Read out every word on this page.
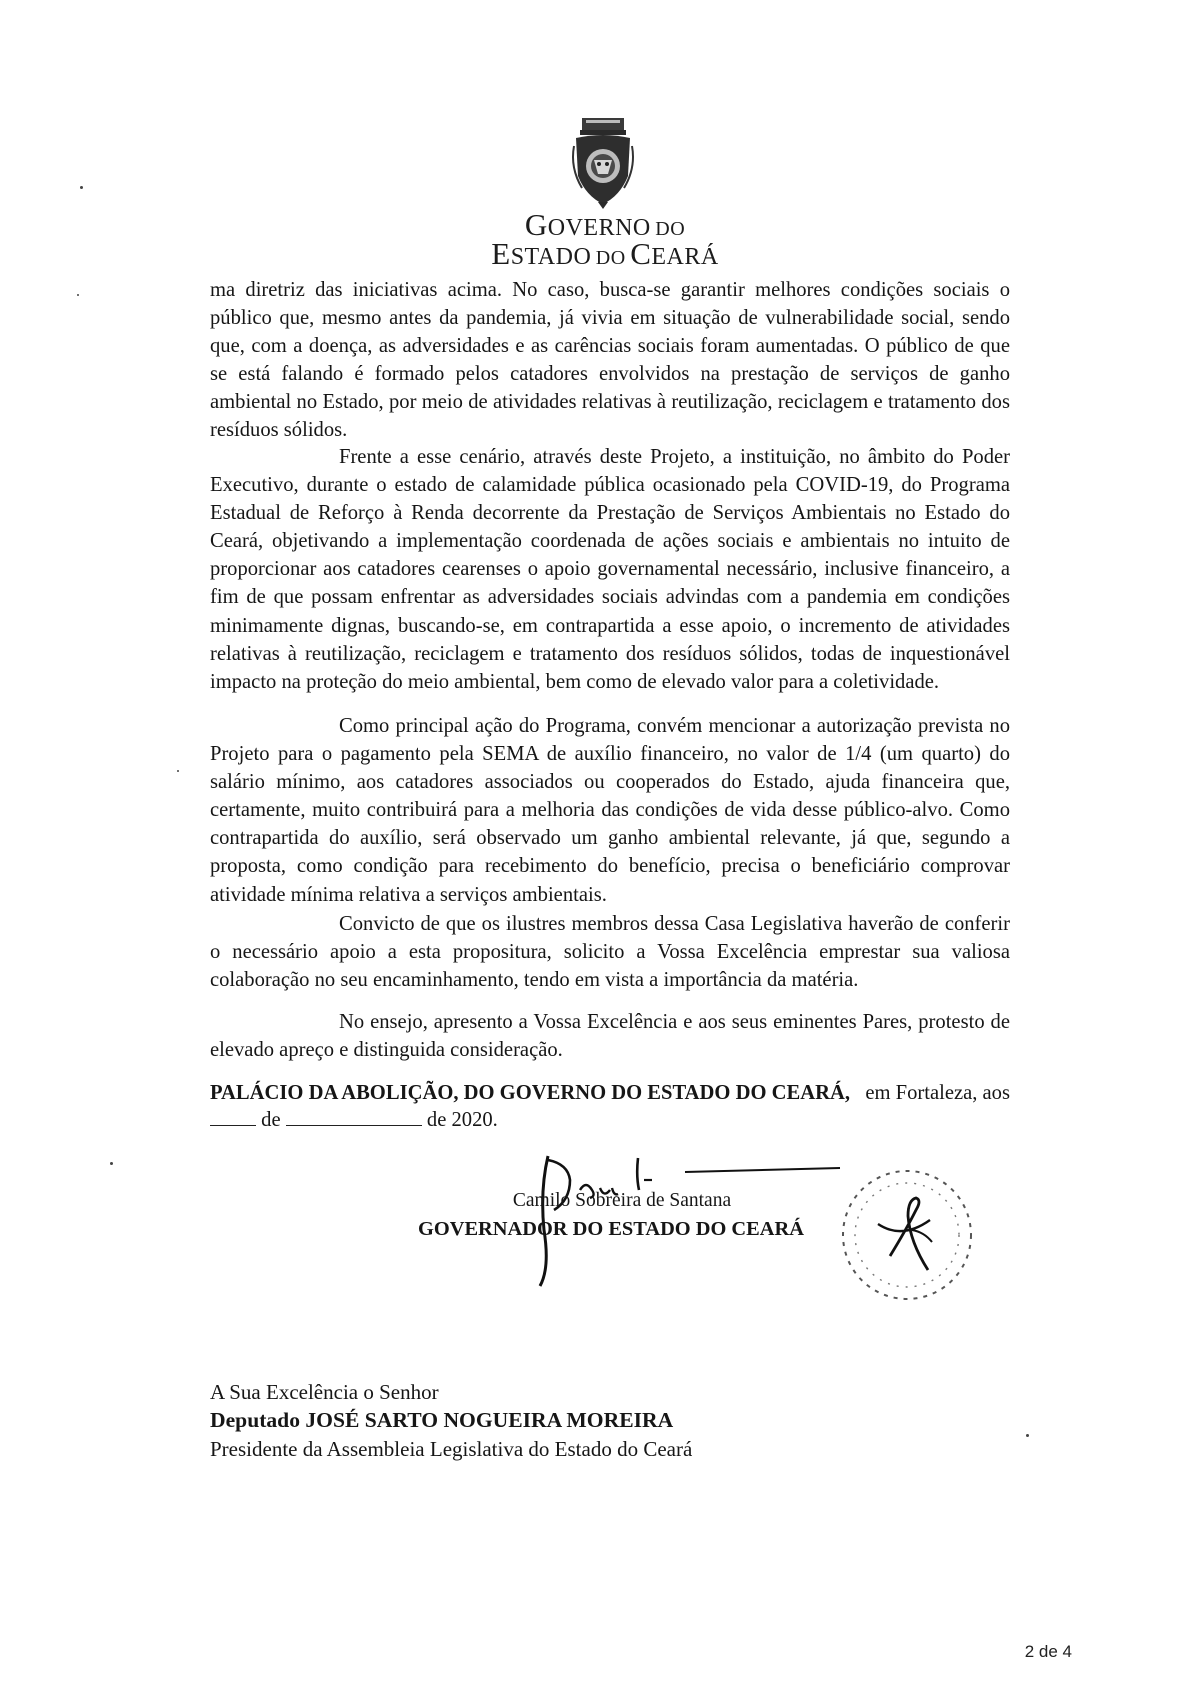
GOVERNO DO
ESTADO DO CEARÁ
ma diretriz das iniciativas acima. No caso, busca-se garantir melhores condições sociais o público que, mesmo antes da pandemia, já vivia em situação de vulnerabilidade social, sendo que, com a doença, as adversidades e as carências sociais foram aumentadas. O público de que se está falando é formado pelos catadores envolvidos na prestação de serviços de ganho ambiental no Estado, por meio de atividades relativas à reutilização, reciclagem e tratamento dos resíduos sólidos.
Frente a esse cenário, através deste Projeto, a instituição, no âmbito do Poder Executivo, durante o estado de calamidade pública ocasionado pela COVID-19, do Programa Estadual de Reforço à Renda decorrente da Prestação de Serviços Ambientais no Estado do Ceará, objetivando a implementação coordenada de ações sociais e ambientais no intuito de proporcionar aos catadores cearenses o apoio governamental necessário, inclusive financeiro, a fim de que possam enfrentar as adversidades sociais advindas com a pandemia em condições minimamente dignas, buscando-se, em contrapartida a esse apoio, o incremento de atividades relativas à reutilização, reciclagem e tratamento dos resíduos sólidos, todas de inquestionável impacto na proteção do meio ambiental, bem como de elevado valor para a coletividade.
Como principal ação do Programa, convém mencionar a autorização prevista no Projeto para o pagamento pela SEMA de auxílio financeiro, no valor de 1/4 (um quarto) do salário mínimo, aos catadores associados ou cooperados do Estado, ajuda financeira que, certamente, muito contribuirá para a melhoria das condições de vida desse público-alvo. Como contrapartida do auxílio, será observado um ganho ambiental relevante, já que, segundo a proposta, como condição para recebimento do benefício, precisa o beneficiário comprovar atividade mínima relativa a serviços ambientais.
Convicto de que os ilustres membros dessa Casa Legislativa haverão de conferir o necessário apoio a esta propositura, solicito a Vossa Excelência emprestar sua valiosa colaboração no seu encaminhamento, tendo em vista a importância da matéria.
No ensejo, apresento a Vossa Excelência e aos seus eminentes Pares, protesto de elevado apreço e distinguida consideração.
PALÁCIO DA ABOLIÇÃO, DO GOVERNO DO ESTADO DO CEARÁ, em Fortaleza, aos
de	de 2020.
Camilo Sobreira de Santana
GOVERNADOR DO ESTADO DO CEARÁ
A Sua Excelência o Senhor
Deputado JOSÉ SARTO NOGUEIRA MOREIRA
Presidente da Assembleia Legislativa do Estado do Ceará
2 de 4
